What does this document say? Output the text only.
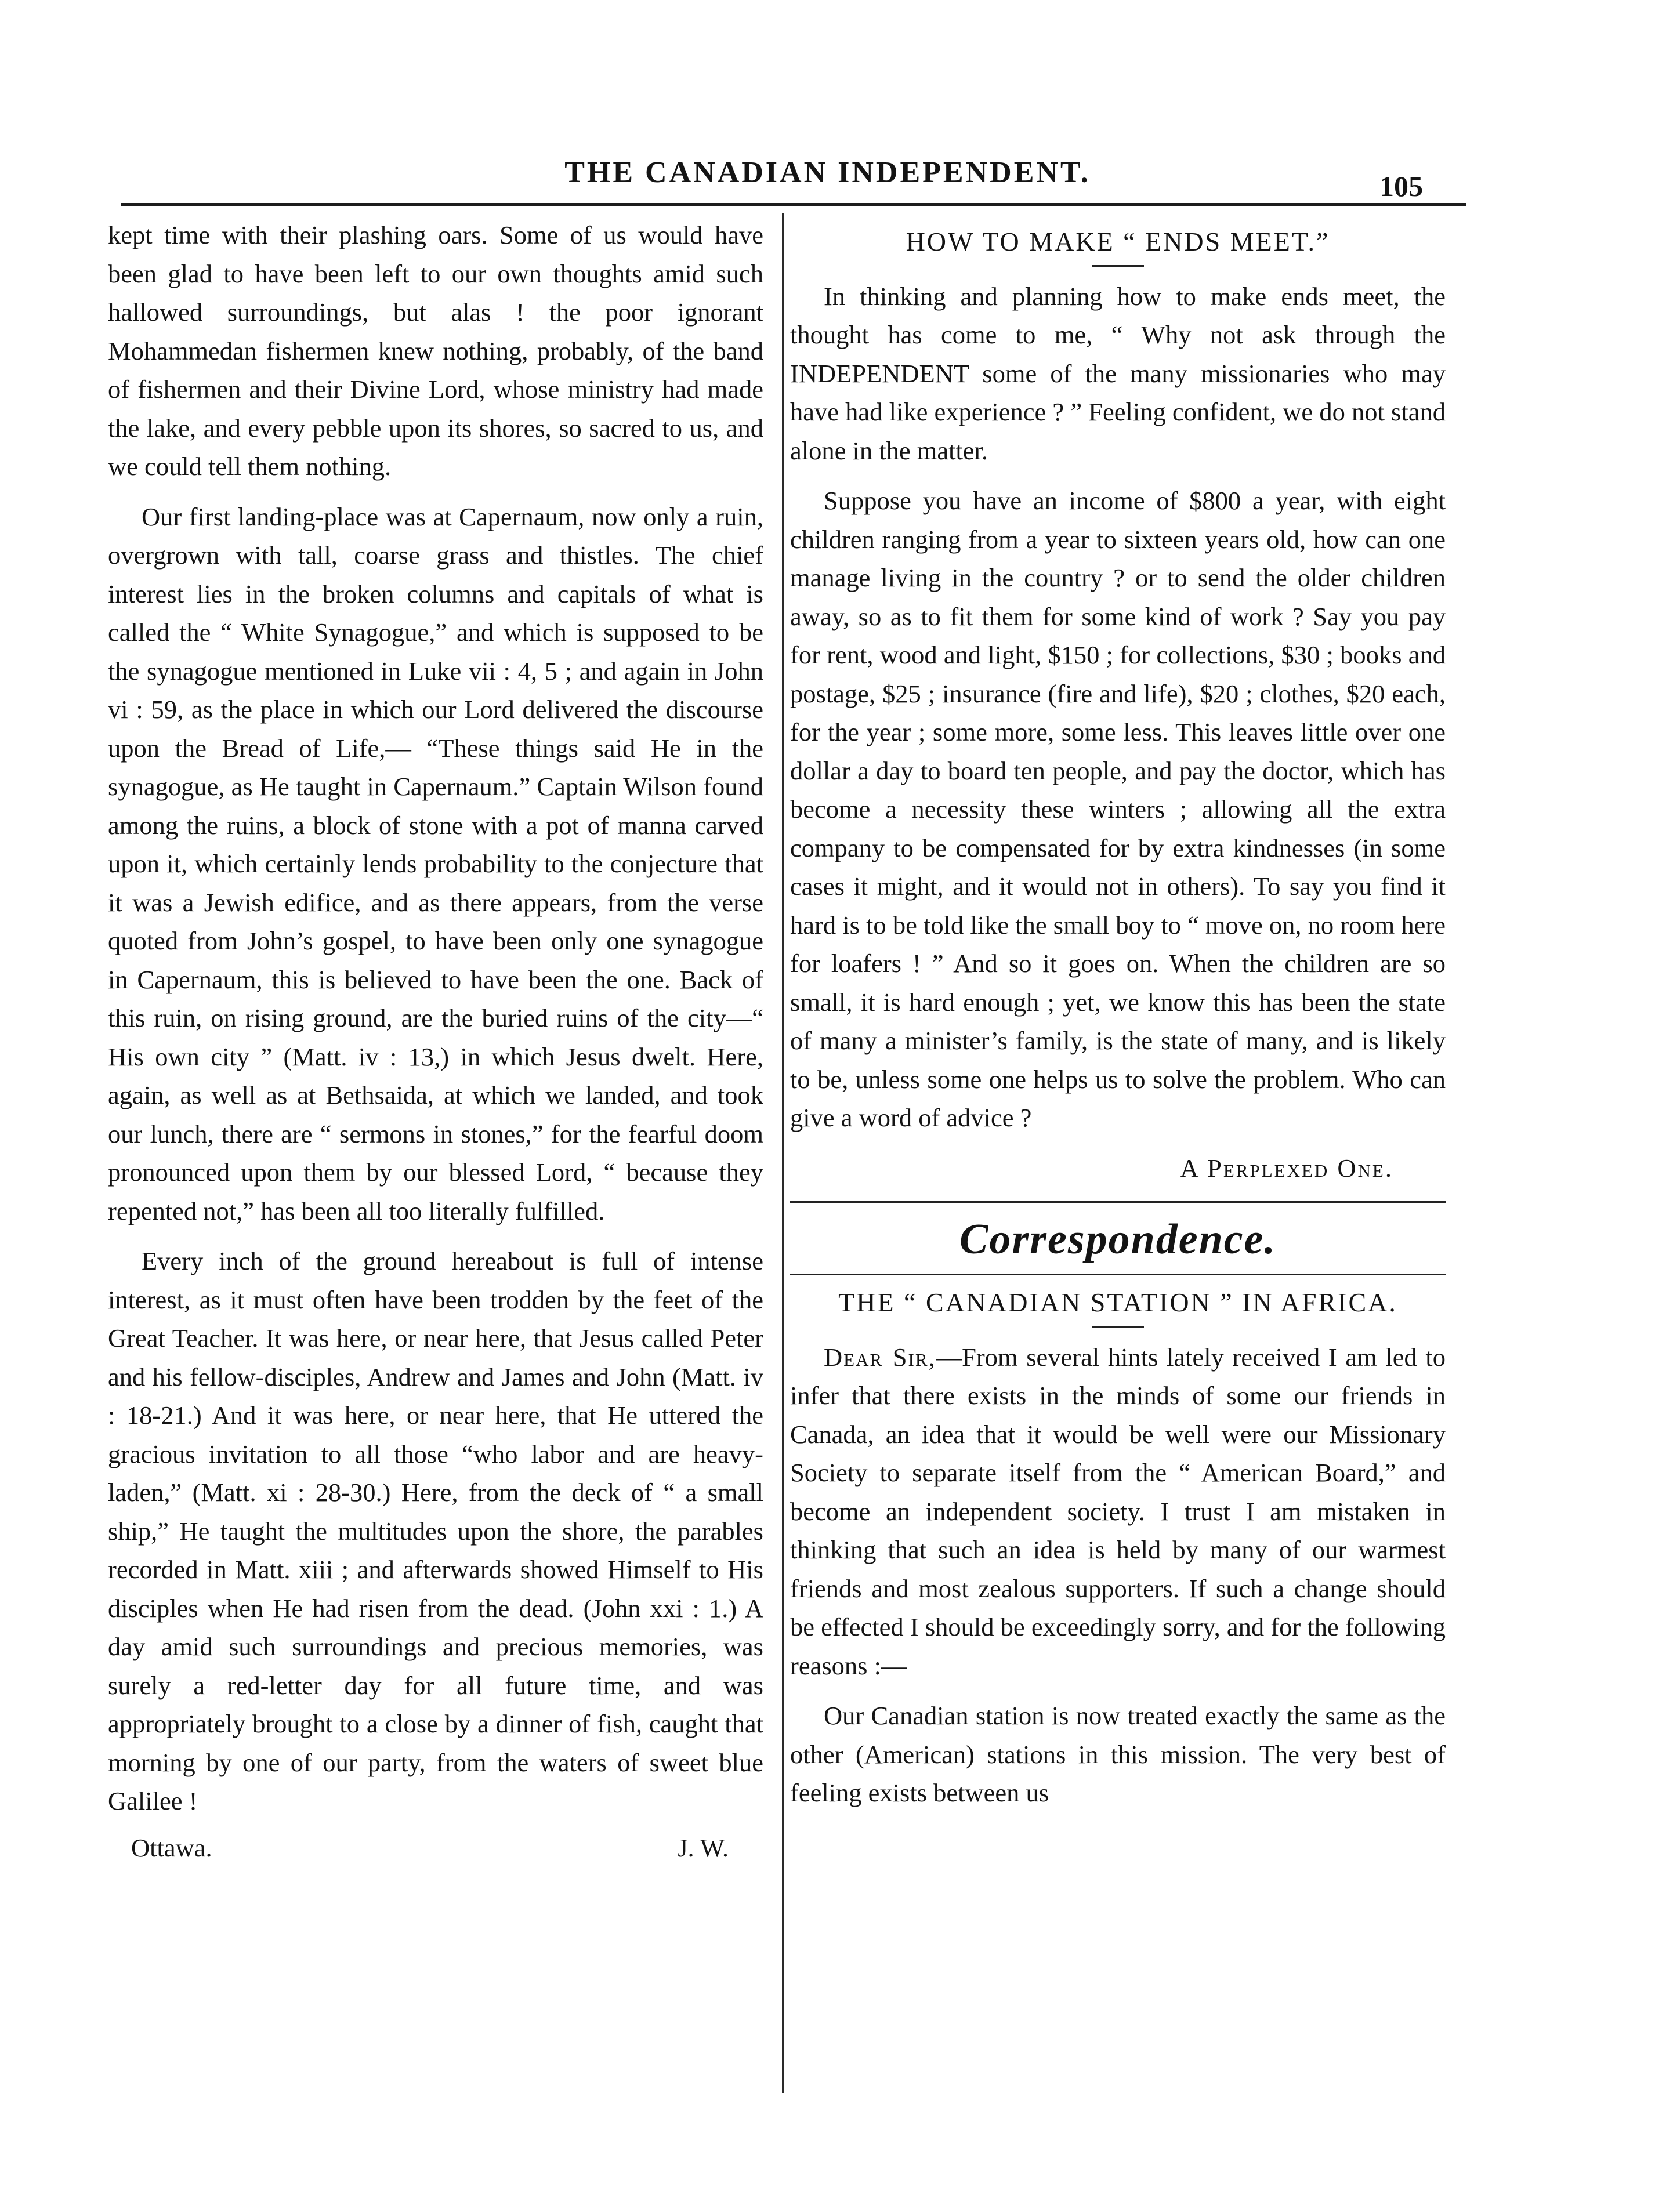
THE CANADIAN INDEPENDENT.	105

kept time with their plashing oars. Some of us would have been glad to have been left to our own thoughts amid such hallowed surroundings, but alas ! the poor ignorant Mohammedan fishermen knew nothing, probably, of the band of fishermen and their Divine Lord, whose ministry had made the lake, and every pebble upon its shores, so sacred to us, and we could tell them nothing.

Our first landing-place was at Capernaum, now only a ruin, overgrown with tall, coarse grass and thistles. The chief interest lies in the broken columns and capitals of what is called the “ White Synagogue,” and which is supposed to be the synagogue mentioned in Luke vii : 4, 5 ; and again in John vi : 59, as the place in which our Lord delivered the discourse upon the Bread of Life,— “These things said He in the synagogue, as He taught in Capernaum.” Captain Wilson found among the ruins, a block of stone with a pot of manna carved upon it, which certainly lends probability to the conjecture that it was a Jewish edifice, and as there appears, from the verse quoted from John’s gospel, to have been only one synagogue in Capernaum, this is believed to have been the one. Back of this ruin, on rising ground, are the buried ruins of the city—“ His own city ” (Matt. iv : 13,) in which Jesus dwelt. Here, again, as well as at Bethsaida, at which we landed, and took our lunch, there are “ sermons in stones,” for the fearful doom pronounced upon them by our blessed Lord, “ because they repented not,” has been all too literally fulfilled.

Every inch of the ground hereabout is full of intense interest, as it must often have been trodden by the feet of the Great Teacher. It was here, or near here, that Jesus called Peter and his fellow-disciples, Andrew and James and John (Matt. iv : 18-21.) And it was here, or near here, that He uttered the gracious invitation to all those “who labor and are heavy-laden,” (Matt. xi : 28-30.) Here, from the deck of “ a small ship,” He taught the multitudes upon the shore, the parables recorded in Matt. xiii ; and afterwards showed Himself to His disciples when He had risen from the dead. (John xxi : 1.) A day amid such surroundings and precious memories, was surely a red-letter day for all future time, and was appropriately brought to a close by a dinner of fish, caught that morning by one of our party, from the waters of sweet blue Galilee !

Ottawa.	J. W.
HOW TO MAKE “ ENDS MEET.”

In thinking and planning how to make ends meet, the thought has come to me, “ Why not ask through the INDEPENDENT some of the many missionaries who may have had like experience ? ” Feeling confident, we do not stand alone in the matter.

Suppose you have an income of $800 a year, with eight children ranging from a year to sixteen years old, how can one manage living in the country ? or to send the older children away, so as to fit them for some kind of work ? Say you pay for rent, wood and light, $150 ; for collections, $30 ; books and postage, $25 ; insurance (fire and life), $20 ; clothes, $20 each, for the year ; some more, some less. This leaves little over one dollar a day to board ten people, and pay the doctor, which has become a necessity these winters ; allowing all the extra company to be compensated for by extra kindnesses (in some cases it might, and it would not in others). To say you find it hard is to be told like the small boy to “ move on, no room here for loafers ! ” And so it goes on. When the children are so small, it is hard enough ; yet, we know this has been the state of many a minister’s family, is the state of many, and is likely to be, unless some one helps us to solve the problem. Who can give a word of advice ?

A Perplexed One.
Correspondence.
THE “ CANADIAN STATION ” IN AFRICA.

Dear Sir,—From several hints lately received I am led to infer that there exists in the minds of some our friends in Canada, an idea that it would be well were our Missionary Society to separate itself from the “ American Board,” and become an independent society. I trust I am mistaken in thinking that such an idea is held by many of our warmest friends and most zealous supporters. If such a change should be effected I should be exceedingly sorry, and for the following reasons :—

Our Canadian station is now treated exactly the same as the other (American) stations in this mission. The very best of feeling exists between us
